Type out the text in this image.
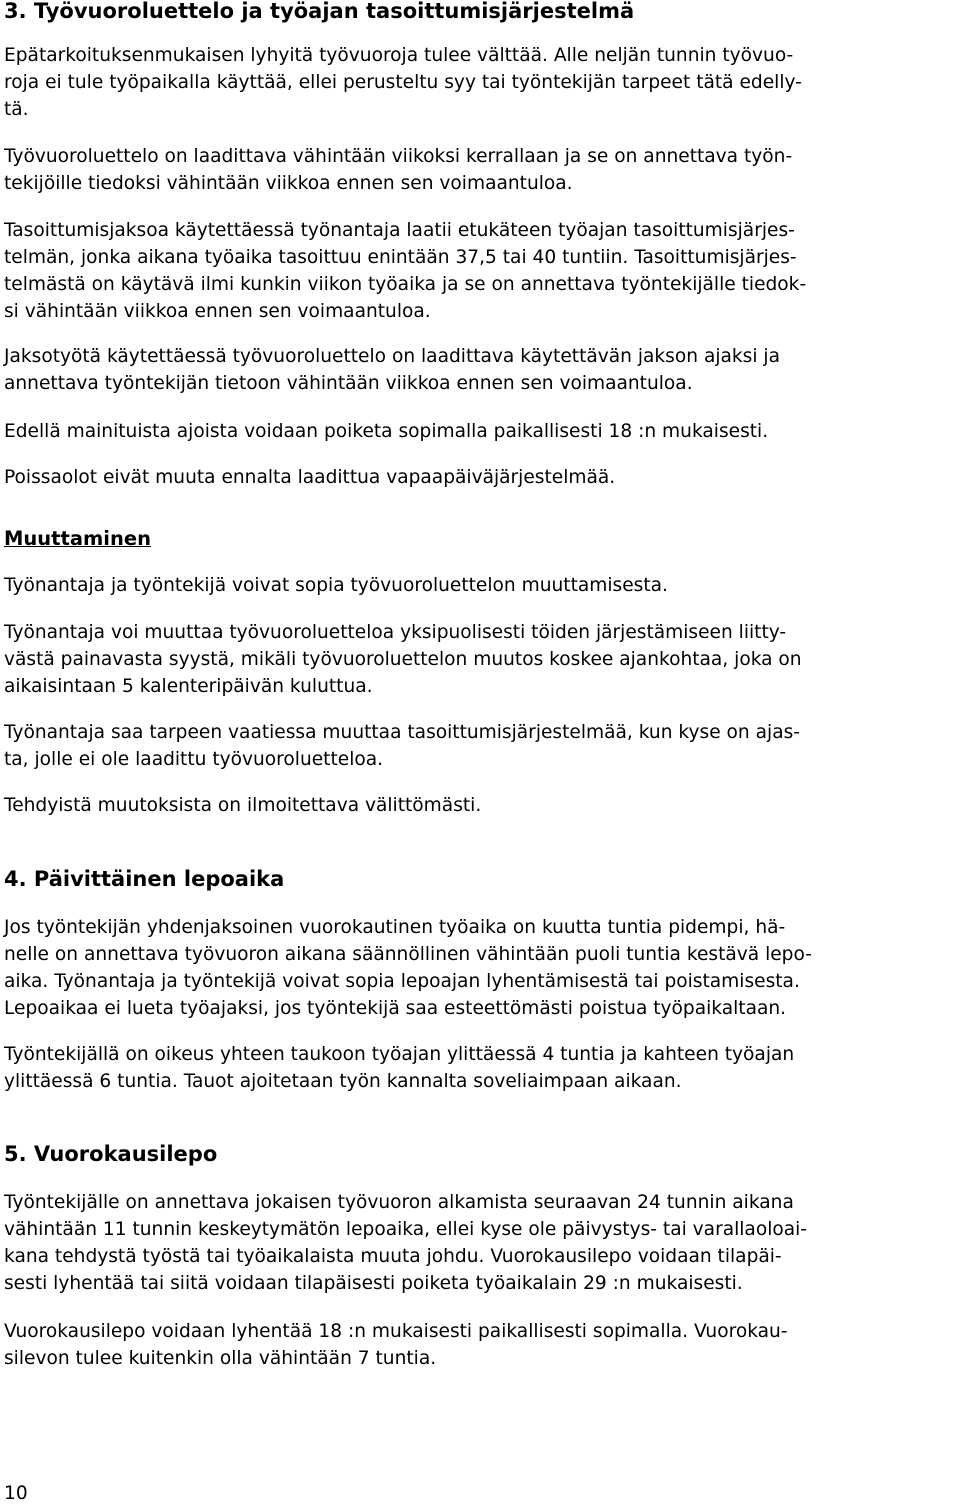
3. Työvuoroluettelo ja työajan tasoittumisjärjestelmä
Epätarkoituksenmukaisen lyhyitä työvuoroja tulee välttää. Alle neljän tunnin työvuo-
roja ei tule työpaikalla käyttää, ellei perusteltu syy tai työntekijän tarpeet tätä edelly-
tä.
Työvuoroluettelo on laadittava vähintään viikoksi kerrallaan ja se on annettava työn-
tekijöille tiedoksi vähintään viikkoa ennen sen voimaantuloa.
Tasoittumisjaksoa käytettäessä työnantaja laatii etukäteen työajan tasoittumisjärjes-
telmän, jonka aikana työaika tasoittuu enintään 37,5 tai 40 tuntiin. Tasoittumisjärjes-
telmästä on käytävä ilmi kunkin viikon työaika ja se on annettava työntekijälle tiedok-
si vähintään viikkoa ennen sen voimaantuloa.
Jaksotyötä käytettäessä työvuoroluettelo on laadittava käytettävän jakson ajaksi ja
annettava työntekijän tietoon vähintään viikkoa ennen sen voimaantuloa.
Edellä mainituista ajoista voidaan poiketa sopimalla paikallisesti 18 :n mukaisesti.
Poissaolot eivät muuta ennalta laadittua vapaapäiväjärjestelmää.
Muuttaminen
Työnantaja ja työntekijä voivat sopia työvuoroluettelon muuttamisesta.
Työnantaja voi muuttaa työvuoroluetteloa yksipuolisesti töiden järjestämiseen liitty-
västä painavasta syystä, mikäli työvuoroluettelon muutos koskee ajankohtaa, joka on
aikaisintaan 5 kalenteripäivän kuluttua.
Työnantaja saa tarpeen vaatiessa muuttaa tasoittumisjärjestelmää, kun kyse on ajas-
ta, jolle ei ole laadittu työvuoroluetteloa.
Tehdyistä muutoksista on ilmoitettava välittömästi.
4. Päivittäinen lepoaika
Jos työntekijän yhdenjaksoinen vuorokautinen työaika on kuutta tuntia pidempi, hä-
nelle on annettava työvuoron aikana säännöllinen vähintään puoli tuntia kestävä lepo-
aika. Työnantaja ja työntekijä voivat sopia lepoajan lyhentämisestä tai poistamisesta.
Lepoaikaa ei lueta työajaksi, jos työntekijä saa esteettömästi poistua työpaikaltaan.
Työntekijällä on oikeus yhteen taukoon työajan ylittäessä 4 tuntia ja kahteen työajan
ylittäessä 6 tuntia. Tauot ajoitetaan työn kannalta soveliaimpaan aikaan.
5. Vuorokausilepo
Työntekijälle on annettava jokaisen työvuoron alkamista seuraavan 24 tunnin aikana
vähintään 11 tunnin keskeytymätön lepoaika, ellei kyse ole päivystys- tai varallaoloai-
kana tehdystä työstä tai työaikalaista muuta johdu. Vuorokausilepo voidaan tilapäi-
sesti lyhentää tai siitä voidaan tilapäisesti poiketa työaikalain 29 :n mukaisesti.
Vuorokausilepo voidaan lyhentää 18 :n mukaisesti paikallisesti sopimalla. Vuorokau-
silevon tulee kuitenkin olla vähintään 7 tuntia.
10
